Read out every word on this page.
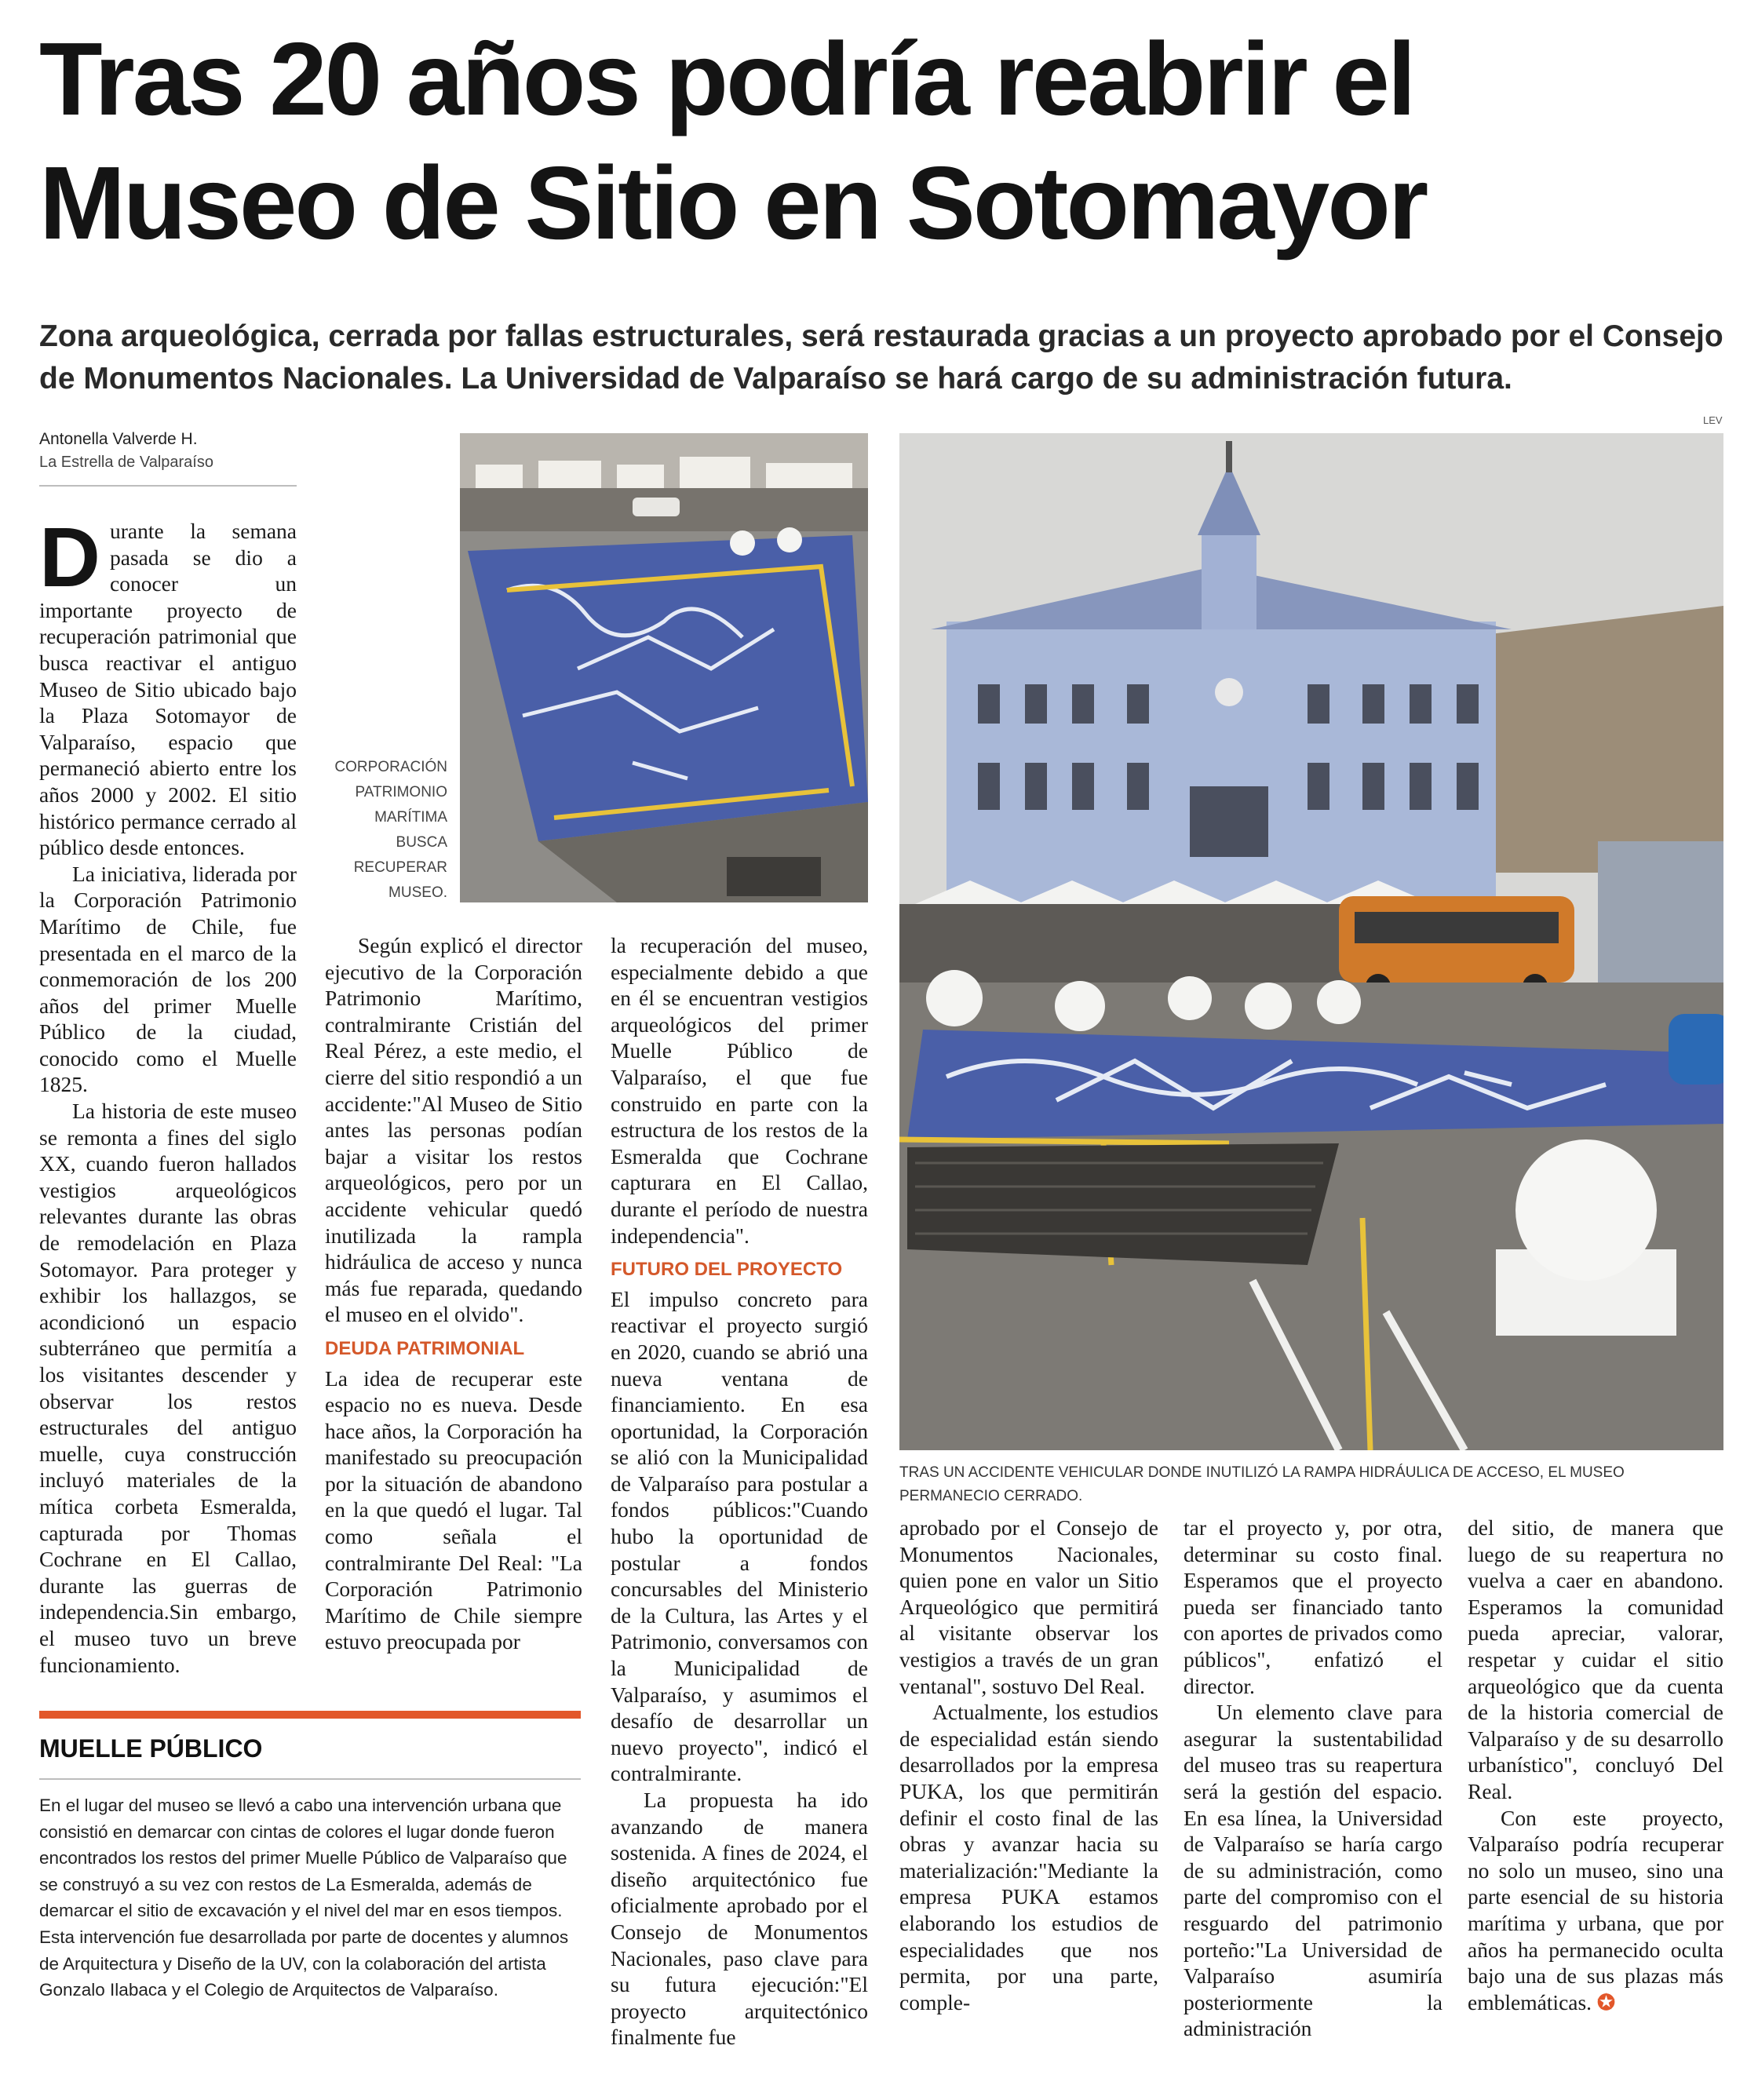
Tras 20 años podría reabrir el Museo de Sitio en Sotomayor

Zona arqueológica, cerrada por fallas estructurales, será restaurada gracias a un proyecto aprobado por el Consejo de Monumentos Nacionales. La Universidad de Valparaíso se hará cargo de su administración futura.

Antonella Valverde H.
La Estrella de Valparaíso
CORPORACIÓN PATRIMONIO MARÍTIMA BUSCA RECUPERAR MUSEO.
LEV
TRAS UN ACCIDENTE VEHICULAR DONDE INUTILIZÓ LA RAMPA HIDRÁULICA DE ACCESO, EL MUSEO PERMANECIO CERRADO.

Durante la semana pasada se dio a conocer un importante proyecto de recuperación patrimonial que busca reactivar el antiguo Museo de Sitio ubicado bajo la Plaza Sotomayor de Valparaíso, espacio que permaneció abierto entre los años 2000 y 2002. El sitio histórico permance cerrado al público desde entonces.

La iniciativa, liderada por la Corporación Patrimonio Marítimo de Chile, fue presentada en el marco de la conmemoración de los 200 años del primer Muelle Público de la ciudad, conocido como el Muelle 1825.

La historia de este museo se remonta a fines del siglo XX, cuando fueron hallados vestigios arqueológicos relevantes durante las obras de remodelación en Plaza Sotomayor. Para proteger y exhibir los hallazgos, se acondicionó un espacio subterráneo que permitía a los visitantes descender y observar los restos estructurales del antiguo muelle, cuya construcción incluyó materiales de la mítica corbeta Esmeralda, capturada por Thomas Cochrane en El Callao, durante las guerras de independencia.Sin embargo, el museo tuvo un breve funcionamiento.

Según explicó el director ejecutivo de la Corporación Patrimonio Marítimo, contralmirante Cristián del Real Pérez, a este medio, el cierre del sitio respondió a un accidente:"Al Museo de Sitio antes las personas podían bajar a visitar los restos arqueológicos, pero por un accidente vehicular quedó inutilizada la rampla hidráulica de acceso y nunca más fue reparada, quedando el museo en el olvido".

DEUDA PATRIMONIAL

La idea de recuperar este espacio no es nueva. Desde hace años, la Corporación ha manifestado su preocupación por la situación de abandono en la que quedó el lugar. Tal como señala el contralmirante Del Real: "La Corporación Patrimonio Marítimo de Chile siempre estuvo preocupada por

la recuperación del museo, especialmente debido a que en él se encuentran vestigios arqueológicos del primer Muelle Público de Valparaíso, el que fue construido en parte con la estructura de los restos de la Esmeralda que Cochrane capturara en El Callao, durante el período de nuestra independencia".

FUTURO DEL PROYECTO

El impulso concreto para reactivar el proyecto surgió en 2020, cuando se abrió una nueva ventana de financiamiento. En esa oportunidad, la Corporación se alió con la Municipalidad de Valparaíso para postular a fondos públicos:"Cuando hubo la oportunidad de postular a fondos concursables del Ministerio de la Cultura, las Artes y el Patrimonio, conversamos con la Municipalidad de Valparaíso, y asumimos el desafío de desarrollar un nuevo proyecto", indicó el contralmirante.

La propuesta ha ido avanzando de manera sostenida. A fines de 2024, el diseño arquitectónico fue oficialmente aprobado por el Consejo de Monumentos Nacionales, paso clave para su futura ejecución:"El proyecto arquitectónico finalmente fue

aprobado por el Consejo de Monumentos Nacionales, quien pone en valor un Sitio Arqueológico que permitirá al visitante observar los vestigios a través de un gran ventanal", sostuvo Del Real.

Actualmente, los estudios de especialidad están siendo desarrollados por la empresa PUKA, los que permitirán definir el costo final de las obras y avanzar hacia su materialización:"Mediante la empresa PUKA estamos elaborando los estudios de especialidades que nos permita, por una parte, comple-

tar el proyecto y, por otra, determinar su costo final. Esperamos que el proyecto pueda ser financiado tanto con aportes de privados como públicos", enfatizó el director.

Un elemento clave para asegurar la sustentabilidad del museo tras su reapertura será la gestión del espacio. En esa línea, la Universidad de Valparaíso se haría cargo de su administración, como parte del compromiso con el resguardo del patrimonio porteño:"La Universidad de Valparaíso asumiría posteriormente la administración

del sitio, de manera que luego de su reapertura no vuelva a caer en abandono. Esperamos la comunidad pueda apreciar, valorar, respetar y cuidar el sitio arqueológico que da cuenta de la historia comercial de Valparaíso y de su desarrollo urbanístico", concluyó Del Real.

Con este proyecto, Valparaíso podría recuperar no solo un museo, sino una parte esencial de su historia marítima y urbana, que por años ha permanecido oculta bajo una de sus plazas más emblemáticas. ✪

MUELLE PÚBLICO

En el lugar del museo se llevó a cabo una intervención urbana que consistió en demarcar con cintas de colores el lugar donde fueron encontrados los restos del primer Muelle Público de Valparaíso que se construyó a su vez con restos de La Esmeralda, además de demarcar el sitio de excavación y el nivel del mar en esos tiempos. Esta intervención fue desarrollada por parte de docentes y alumnos de Arquitectura y Diseño de la UV, con la colaboración del artista Gonzalo Ilabaca y el Colegio de Arquitectos de Valparaíso.
